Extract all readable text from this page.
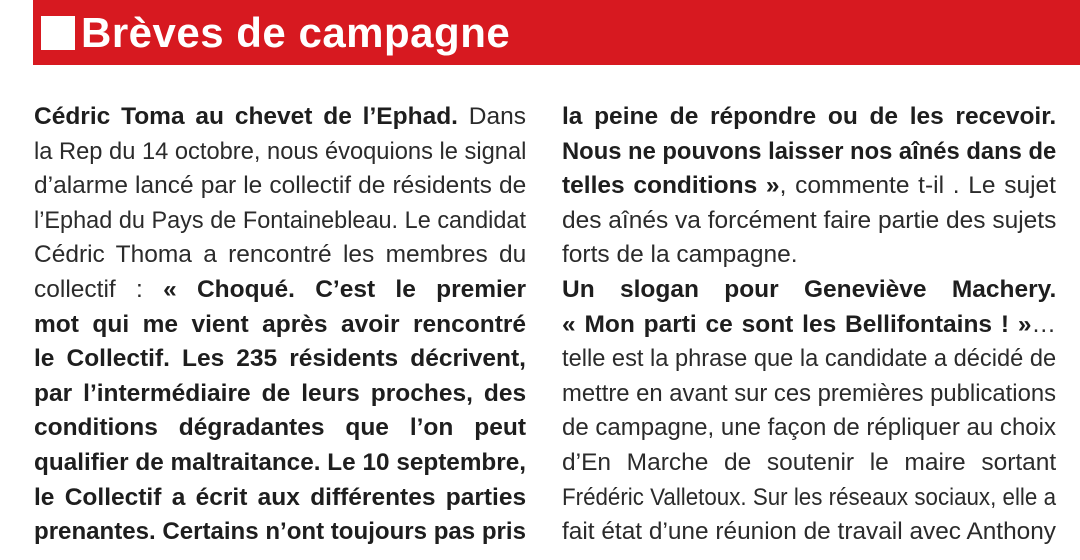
Brèves de campagne
Cédric Toma au chevet de l’Ephad. Dans
la Rep du 14 octobre, nous évoquions le signal
d’alarme lancé par le collectif de résidents de
l’Ephad du Pays de Fontainebleau. Le candidat
Cédric Thoma a rencontré les membres du
collectif : « Choqué. C’est le premier
mot qui me vient après avoir rencontré
le Collectif. Les 235 résidents décrivent,
par l’intermédiaire de leurs proches, des
conditions dégradantes que l’on peut
qualifier de maltraitance. Le 10 septembre,
le Collectif a écrit aux différentes parties
prenantes. Certains n’ont toujours pas pris
la peine de répondre ou de les recevoir.
Nous ne pouvons laisser nos aînés dans de
telles conditions », commente t-il . Le sujet
des aînés va forcément faire partie des sujets
forts de la campagne.
Un slogan pour Geneviève Machery.
« Mon parti ce sont les Bellifontains ! »…
telle est la phrase que la candidate a décidé de
mettre en avant sur ces premières publications
de campagne, une façon de répliquer au choix
d’En Marche de soutenir le maire sortant
Frédéric Valletoux. Sur les réseaux sociaux, elle a
fait état d’une réunion de travail avec Anthony
